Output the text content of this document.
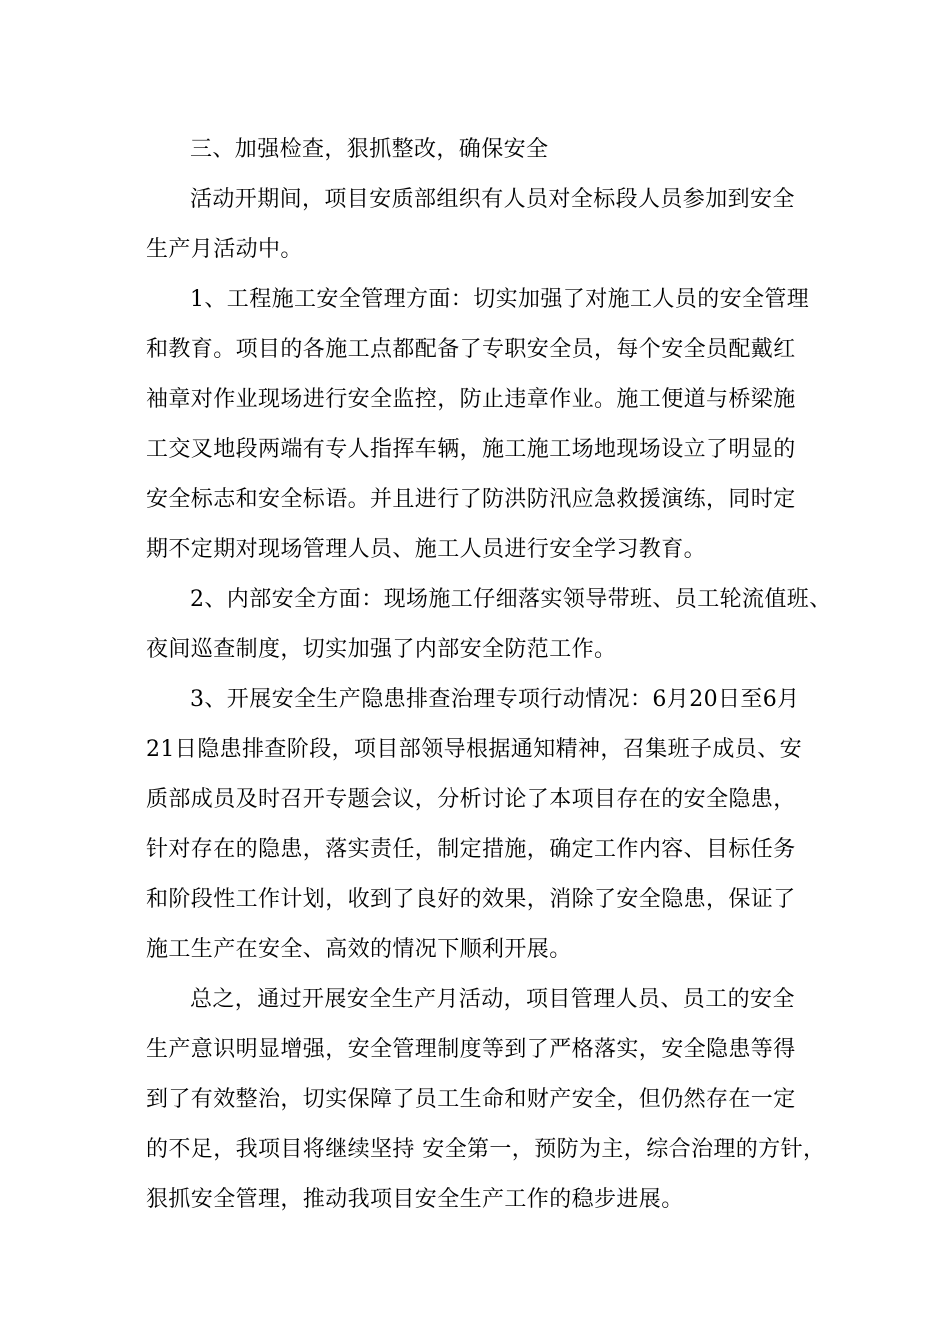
三、加强检查，狠抓整改，确保安全
活动开期间，项目安质部组织有人员对全标段人员参加到安全
生产月活动中。
1、工程施工安全管理方面：切实加强了对施工人员的安全管理
和教育。项目的各施工点都配备了专职安全员，每个安全员配戴红
袖章对作业现场进行安全监控，防止违章作业。施工便道与桥梁施
工交叉地段两端有专人指挥车辆，施工施工场地现场设立了明显的
安全标志和安全标语。并且进行了防洪防汛应急救援演练，同时定
期不定期对现场管理人员、施工人员进行安全学习教育。
2、内部安全方面：现场施工仔细落实领导带班、员工轮流值班、
夜间巡查制度，切实加强了内部安全防范工作。
3、开展安全生产隐患排查治理专项行动情况：6月20日至6月
21日隐患排查阶段，项目部领导根据通知精神，召集班子成员、安
质部成员及时召开专题会议，分析讨论了本项目存在的安全隐患，
针对存在的隐患，落实责任，制定措施，确定工作内容、目标任务
和阶段性工作计划，收到了良好的效果，消除了安全隐患，保证了
施工生产在安全、高效的情况下顺利开展。
总之，通过开展安全生产月活动，项目管理人员、员工的安全
生产意识明显增强，安全管理制度等到了严格落实，安全隐患等得
到了有效整治，切实保障了员工生命和财产安全，但仍然存在一定
的不足，我项目将继续坚持 安全第一，预防为主，综合治理的方针，
狠抓安全管理，推动我项目安全生产工作的稳步进展。
